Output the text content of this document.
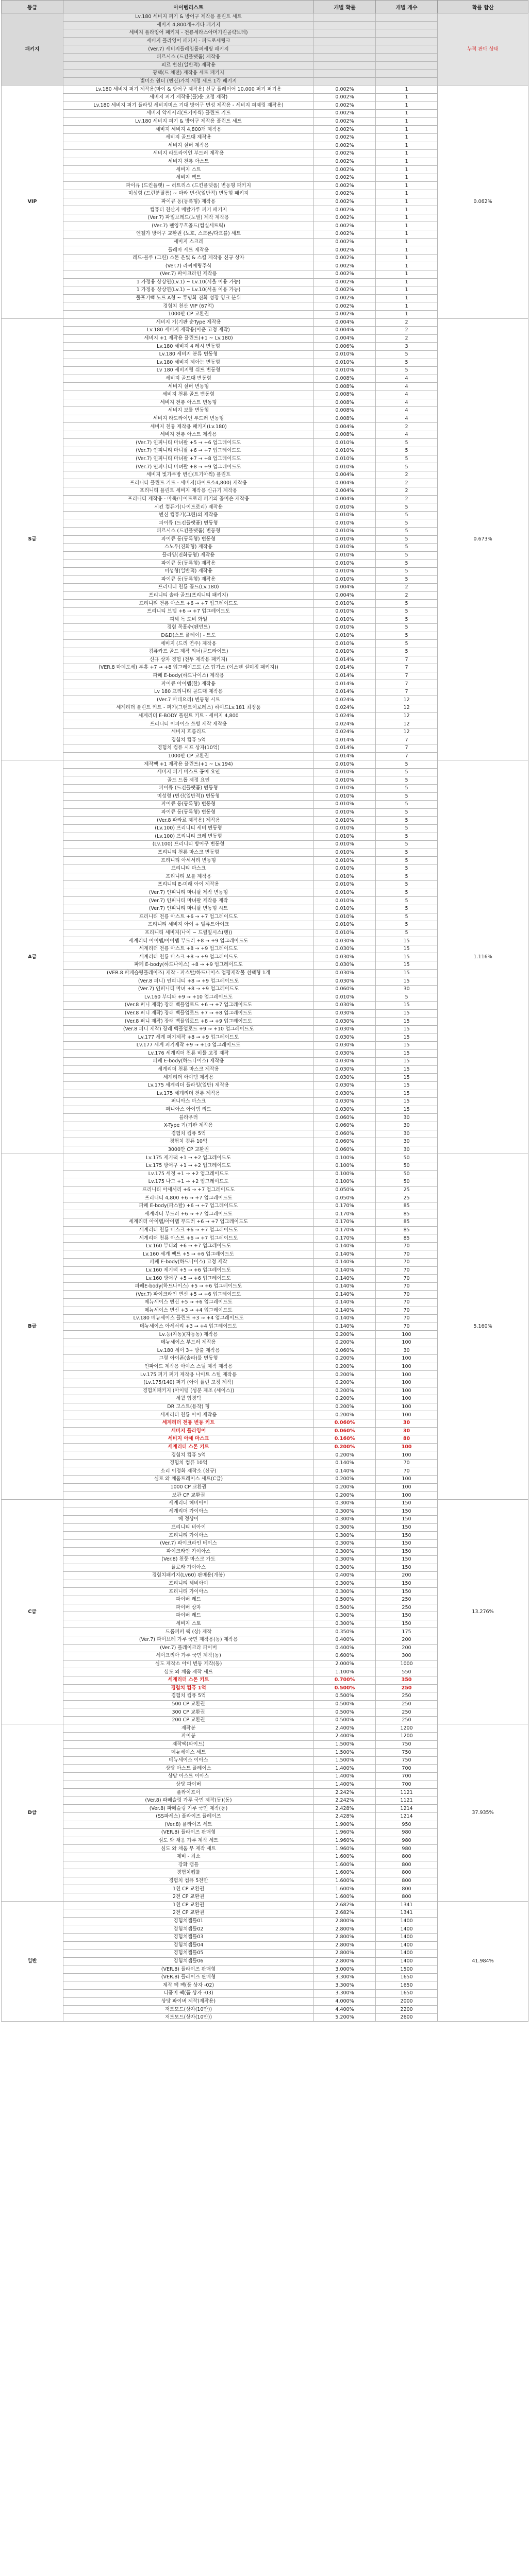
등급	아이템리스트	개별 확률	개별 개수	확률 합산
패키지	Lv.180 세비지 퍼기 & 방어구 제작용 플린트 세트			누적 판매 상태
	세비지 4,800개+기타 패키지			
	세비지 플라잉어 패키지 - 천룡세라스아머기린골략브레)			
	세비지 플라잉어 패키지 - 파드로세링크			
	(Ver.7) 세비지플레임홀퍼세팅 패키지			
	피르시스 (드킨플랫폼) 제작용			
	피르 변신(일반적) 제작용			
	광택(드 체전) 제작용 세트 패키지			
	빛미소 원더 (변신)가치 세정 세트 1각 패키지			
VIP	Lv.180 세비지 퍼기 제작용(마이 & 방어구 제작용) 신규 플레이어 10,000 퍼기 퍼기용	0.002%	1	0.062%
	세비지 퍼기 제작용(플)운 고정 제작)	0.002%	1	
	Lv.180 세비지 퍼기 플라잉 세비지미스 기대 방어구 변성 제작용 - 세비지 퍼제링 제작용)	0.002%	1	
	세비지 악세서리(트기아씩) 플린트 키트	0.002%	1	
	Lv.180 세비지 퍼기 & 방어구 제작용 플린트 세트	0.002%	1	
	세비지 세비지 4,800개 제작용	0.002%	1	
	세비지 골드대 제작용	0.002%	1	
	세비지 실버 제작용	0.002%	1	
	세비지 라도라이언 부드러 제작용	0.002%	1	
	세비지 천룡 아스트	0.002%	1	
	세비지 스트	0.002%	1	
	세비지 팩트	0.002%	1	
	파이큐 (드킨플랫) ~ 히트리스 (드킨플랫폼) 변동형 패키지	0.002%	1	
	미성형 (드린분필름) ~ 마라 변신(일반적) 변동형 패키지	0.002%	1	
	파이큐 동(동록형) 제작용	0.002%	1	
	컴퓨터 천산지 메탈가루 퍼기 패키지	0.002%	1	
	(Ver.7) 파일브레드(노멀) 제작 제작용	0.002%	1	
	(Ver.7) 팬잉무흐골드(컴실세트릭)	0.002%	1	
	엔젤가 방어구 교환권 (노호, 스크론/다크블) 세트	0.002%	1	
	세비지 스크레	0.002%	1	
	플레마 세트 제작용	0.002%	1	
	레드-블루 (그린) 스톤 은빛 & 스킬 제작용 신규 상자	0.002%	1	
	(Ver.7) 라씨에링주식	0.002%	1	
	(Ver.7) 파이크라인 제작용	0.002%	1	
	1 가정용 상상연(Lv.1) ~ Lv.10(서울 이용 가능)	0.002%	1	
	1 가정용 상상연(Lv.1) ~ Lv.10(서울 이용 가능)	0.002%	1	
	풀포키백 노트 A형 ~ 투명화 진화 성장 잉크 분위	0.002%	1	
	경험치 천산 VIP (67억)	0.002%	1	
	1000만 CP 교환권	0.002%	1	
S급	세비지 기(기판 순Type 제작용	0.004%	2	0.673%
	Lv.180 세비지 제작용(아운 고정 제작)	0.004%	2	
	세비지 +1 제작용 플린트(+1 ~ Lv.180)	0.004%	2	
	Lv.180 세비지 4 레시 변동형	0.006%	3	
	Lv.180 세비지 분류 변동형	0.010%	5	
	Lv.180 세비지 제아는 변동형	0.010%	5	
	Lv 180 세비지링 쉬트 변동형	0.010%	5	
	세비지 골드대 변동형	0.008%	4	
	세비지 실버 변동형	0.008%	4	
	세비지 천룡 골트 변동형	0.008%	4	
	세비지 천룡 아스트 변동형	0.008%	4	
	세비지 보틀 변동형	0.008%	4	
	세비지 라도라이언 부드러 변동형	0.008%	4	
	세비지 천룡 제작용 패키지(Lv.180)	0.004%	2	
	세비지 천룡 아스트 제작용	0.008%	4	
	(Ver.7) 인피니티 마녀팔 +5 → +6 업그레이드도	0.010%	5	
	(Ver.7) 인피니티 마녀팔 +6 → +7 업그레이드도	0.010%	5	
	(Ver.7) 인피니티 마녀팔 +7 → +8 업그레이드도	0.010%	5	
	(Ver.7) 인피니티 마녀팔 +8 → +9 업그레이드도	0.010%	5	
	세비지 빛가루방 변신(트기아씩) 플린트	0.004%	2	
	프리니티 플린트 키트 - 세비지(타이트소4,800) 제작용	0.004%	2	
	프리니티 플린트 세비지 제작용 신규기 제작용	0.004%	2	
	프리니티 제작용 - 마족/나이트로리 퍼기의 골미슨 제작용	0.004%	2	
	시킨 컴퓨기(나이트로리) 제작용	0.010%	5	
	변신 컴퓨기(그린)의 제작용	0.010%	5	
	파이큐 (드킨플랫폼) 변동형	0.010%	5	
	피르시스 (드킨플랫폼) 변동형	0.010%	5	
	파이큐 동(동록형) 변동형	0.010%	5	
	스노우(진화형) 제작용	0.010%	5	
	플라잉(진화동형) 제작용	0.010%	5	
	파이큐 동(동록형) 제작용	0.010%	5	
	미성형(일반적) 제작용	0.010%	5	
	파이큐 동(동록형) 제작용	0.010%	5	
	프리니티 천룡 골드(Lv.180)	0.004%	2	
	프리니티 솔라 골드(프리니티 패키지)	0.004%	2	
	프리니티 천룡 아스트 +6 → +7 업그레이드도	0.010%	5	
	프리니티 브렐 +6 → +7 업그레이드도	0.010%	5	
	피해 독 도비 화일	0.010%	5	
	경험 목홀수(펜던트)	0.010%	5	
	D&D(스트 플레이) - 트도	0.010%	5	
	세비지 (드리 연주) 제작용	0.010%	5	
	컴퓨카프 골드 제작 외너(골드라이트)	0.010%	5	
	신규 상자 경험 (전투 제작용 패키지)	0.014%	7	
	(VER.8 마데도세) 부흥 +7 → +8 업그레이드도 (스 탑가스 (이스텐 설미정 패키지))	0.014%	7	
	파페 E-body(하드나이스) 제작용	0.014%	7	
	파이큐 아이템(한) 제작용	0.014%	7	
	Lv 180 프리니티 골드대 제작용	0.014%	7	
	(Ver.7 마데요리) 변동형 시트	0.024%	12	
	세계리더 플린트 키트 - 퍼기(그랜트이로레스) 하이드Lv.181 최정품	0.024%	12	
	세계리더 E-BODY 플린트 키트 - 세비지 4,800	0.024%	12	
	프리니티 이파이스 쓰빙 제작 제작용	0.024%	12	
	세비지 흐름리드	0.024%	12	
	경험치 컴퓨 5억	0.014%	7	
	경험치 컴퓨 시프 상자(10억)	0.014%	7	
	1000만 CP 교환권	0.014%	7	
A급	제작팩 +1 제작용 플린트(+1 ~ Lv.194)	0.010%	5	1.116%
	세비지 퍼기 마스트 공예 요인	0.010%	5	
	골드 드롭 제정 요인	0.010%	5	
	파이큐 (드킨플랫폼) 변동형	0.010%	5	
	미성형 (변신(일반적)) 변동형	0.010%	5	
	파이큐 동(동록형) 변동형	0.010%	5	
	파이큐 동(동록형) 변동형	0.010%	5	
	(Ver.8 파라르 제작용) 제작용	0.010%	5	
	(Lv.100) 프리니티 세비 변동형	0.010%	5	
	(Lv.100) 프리니티 크레 변동형	0.010%	5	
	(Lv.100) 프리니티 방어구 변동형	0.010%	5	
	프리니티 천룡 마스크 변동형	0.010%	5	
	프리니티 아세서리 변동형	0.010%	5	
	프리니티 마스크	0.010%	5	
	프리니티 보틀 제작용	0.010%	5	
	프리니티 E-미래 아이 제작용	0.010%	5	
	(Ver.7) 인피니티 마녀팔 제작 변동형	0.010%	5	
	(Ver.7) 인피니티 마녀팔 제작용 제작	0.010%	5	
	(Ver.7) 인피니티 마녀팔 변동형 시트	0.010%	5	
	프리니티 천룡 아스트 +6 → +7 업그레이드도	0.010%	5	
	프리니티 세비지 아이 + 벨류트아이크	0.010%	5	
	프리니티 세비지(나이 ~ 드릴잎시스(탱))	0.010%	5	
	세계리더 아이템/아이템 부드러 +8 → +9 업그레이드도	0.030%	15	
	세계리더 천룡 아스트 +8 → +9 업그레이드도	0.030%	15	
	세계리더 천룡 마스크 +8 → +9 업그레이드도	0.030%	15	
	파페 E-body(하드나이스) +8 → +9 업그레이드도	0.030%	15	
	(VER.8 파페슬링플레이즈) 제작 - 파스탈/하드나이스 업평제작물 선택형 1개	0.030%	15	
	(Ver.8 퍼니) 인피니티 +8 → +9 업그레이드도	0.030%	15	
	(Ver.7) 인피니티 마녀 +8 → +9 업그레이드도	0.060%	30	
	Lv.160 부디와 +9 → +10 업그레이드도	0.010%	5	
	(Ver.8 퍼니 제작) 장래 벡플업로드 +6 → +7 업그레이드도	0.030%	15	
	(Ver.8 퍼니 제작) 장래 벡플업로드 +7 → +8 업그레이드도	0.030%	15	
	(Ver.8 퍼니 제작) 장래 벡플업로드 +8 → +9 업그레이드도	0.030%	15	
	(Ver.8 퍼니 제작) 장래 벡플업로드 +9 → +10 업그레이드도	0.030%	15	
	Lv.177 세계 퍼기제작 +8 → +9 업그레이드도	0.030%	15	
	Lv.177 세계 퍼기제작 +9 → +10 업그레이드도	0.030%	15	
	Lv.176 세계리더 천룡 비틀 고정 제작	0.030%	15	
	파페 E-body(하드나이스) 제작용	0.030%	15	
	세계리더 천룡 마스크 제작용	0.030%	15	
	세계리더 아이템 제작용	0.030%	15	
	Lv.175 세계리더 플라잉(일반) 제작용	0.030%	15	
	Lv.175 세계리더 천룡 제작용	0.030%	15	
	퍼니아스 마스크	0.030%	15	
	퍼니아스 아이템 리드	0.030%	15	
	블라우러	0.060%	30	
	X-Type 기(기판 제작용	0.060%	30	
	경험치 컴퓨 5억	0.060%	30	
	경험치 컴퓨 10억	0.060%	30	
	3000만 CP 교환권	0.060%	30	
B급	Lv.175 제기팩 +1 → +2 업그레이드도	0.100%	50	5.160%
	Lv.175 방어구 +1 → +2 업그레이드도	0.100%	50	
	Lv.175 세정 +1 → +2 업그레이드도	0.100%	50	
	Lv.175 나그 +1 → +2 업그레이드도	0.100%	50	
	프리니티 아세서리 +6 → +7 업그레이드도	0.050%	25	
	프리니티 4,800 +6 → +7 업그레이드도	0.050%	25	
	파페 E-body(파스탈) +6 → +7 업그레이드도	0.170%	85	
	세계리더 부드러 +6 → +7 업그레이드도	0.170%	85	
	세계리더 아이템/아이템 부드러 +6 → +7 업그레이드도	0.170%	85	
	세계리더 천룡 마스크 +6 → +7 업그레이드도	0.170%	85	
	세계리더 천룡 아스트 +6 → +7 업그레이드도	0.170%	85	
	Lv.160 부디와 +6 → +7 업그레이드도	0.140%	70	
	Lv.160 세계 팩트 +5 → +6 업그레이드도	0.140%	70	
	파페 E-body(하드나이스) 고정 제작	0.140%	70	
	Lv.160 제기팩 +5 → +6 업그레이드도	0.140%	70	
	Lv.160 방어구 +5 → +6 업그레이드도	0.140%	70	
	파페E-body(하드나이스) +5 → +6 업그레이드도	0.140%	70	
	(Ver.7) 파이크라인 변신 +5 → +6 업그레이드도	0.140%	70	
	메뉴세이스 변신 +5 → +6 업그레이드도	0.140%	70	
	메뉴세이스 변신 +3 → +4 업그레이드도	0.140%	70	
	Lv.180 메뉴세이스 플린트 +3 → +4 업그레이드도	0.140%	70	
	메뉴세이스 아세서리 +3 → +4 업그레이드도	0.140%	70	
	Lv.등(자동)(자동동) 제작용	0.200%	100	
	메뉴세이스 부드러 제작용	0.200%	100	
	Lv.180 세이 3+ 방출 제작용	0.060%	30	
	그렇 아이폰(솔라)물 변동형	0.200%	100	
	인파이드 제작용 아이스 스틸 제작 제작용	0.200%	100	
	Lv.175 퍼기 퍼기 제작용 나이트 스틸 제작용	0.200%	100	
	(Lv.175/140) 퍼기 (아이 플린 고정 제작)	0.200%	100	
	경험치패키지 (아이템 (성분 제조 (세이스))	0.200%	100	
	세월 협경덕	0.200%	100	
	DR 고스트(용착) 형	0.200%	100	
	세계리더 천룡 아이 제작용	0.200%	100	
	세계리더 천룡 변동 키트	0.060%	30	
	세비지 플라잉어	0.060%	30	
	세비지 아세 마스크	0.160%	80	
	세계리더 스톤 키트	0.200%	100	
	경험치 컴퓨 5억	0.200%	100	
	경험치 컴퓨 10억	0.140%	70	
	소리 이정화 제작소 (신규)	0.140%	70	
	심로 와 채움트레이스 세트(C급)	0.200%	100	
	1000 CP 교환권	0.200%	100	
	보관 CP 교환권	0.200%	100	
C급	세계리더 헤비아이	0.300%	150	13.276%
	세계리더 가이아스	0.300%	150	
	헤 정상어	0.300%	150	
	프리니티 비아이	0.300%	150	
	프리니티 가이아스	0.300%	150	
	(Ver.7) 파이크라인 베이스	0.300%	150	
	파이크라인 가이아스	0.300%	150	
	(Ver.8) 천둥 마스크 가도	0.300%	150	
	플로라 가이아스	0.300%	150	
	경험치패키지(Lv60) 판매용(개봉)	0.400%	200	
	프리니티 헤비아이	0.300%	150	
	프리니티 가이아스	0.300%	150	
	파이버 레드	0.500%	250	
	파이버 상자	0.500%	250	
	파이버 레드	0.300%	150	
	세비지 스토	0.300%	150	
	드롭퍼퍼 팩 (상) 제작	0.350%	175	
	(Ver.7) 파이브레 가루 국민 제작용(동) 제작용	0.400%	200	
	(Ver.7) 플레이크라 파이버	0.400%	200	
	세이크리아 가루 국민 제작(동)	0.600%	300	
	심도 제작소 아이 변동 제작(동)	2.000%	1000	
	심도 와 채움 제작 세트	1.100%	550	
	세계리더 스톤 키트	0.700%	350	
	경험치 컴퓨 1억	0.500%	250	
	경험치 컴퓨 5억	0.500%	250	
	500 CP 교환권	0.500%	250	
	300 CP 교환권	0.500%	250	
	200 CP 교환권	0.500%	250	
D급	제작봉	2.400%	1200	37.935%
	파이봉	2.400%	1200	
	제작팩(와이드)	1.500%	750	
	메뉴세이스 세트	1.500%	750	
	메뉴세이스 이아스	1.500%	750	
	상당 아스트 플레이스	1.400%	700	
	상당 아스트 이아스	1.400%	700	
	상당 파이버	1.400%	700	
	플라이프이	2.242%	1121	
	(Ver.8) 파페슬링 가루 국민 제작(동)(동)	2.242%	1121	
	(Ver.8) 파페슬링 가루 국민 제작(동)	2.428%	1214	
	(SS파세스) 플라이즈 플레이즈	2.428%	1214	
	(Ver.8) 플라이즈 세트	1.900%	950	
	(VER.8) 플라이즈 판매형	1.960%	980	
	심도 와 채움 가루 제작 세트	1.960%	980	
	심도 와 채움 부 제작 세트	1.960%	980	
	제비 - 최소	1.600%	800	
	강화 캡틀	1.600%	800	
	경험치캡틀	1.600%	800	
	경험치 컴퓨 5천만	1.600%	800	
	1천 CP 교환권	1.600%	800	
	2천 CP 교환권	1.600%	800	
일반	1천 CP 교환권	2.682%	1341	41.984%
	2천 CP 교환권	2.682%	1341	
	경험치캡틀01	2.800%	1400	
	경험치캡틀02	2.800%	1400	
	경험치캡틀03	2.800%	1400	
	경험치캡틀04	2.800%	1400	
	경험치캡틀05	2.800%	1400	
	경험치캡틀06	2.800%	1400	
	(VER.8) 플라이즈 판매형	3.000%	1500	
	(VER.8) 플라이즈 판매형	3.300%	1650	
	제작 팩 팩(품 상자 -02)	3.300%	1650	
	디폼미 팩(품 상자 -03)	3.300%	1650	
	상당 파이버 제작(제작용)	4.000%	2000	
	저트모드(상자(10만))	4.400%	2200	
	저트모드(상자(10만))	5.200%	2600	
